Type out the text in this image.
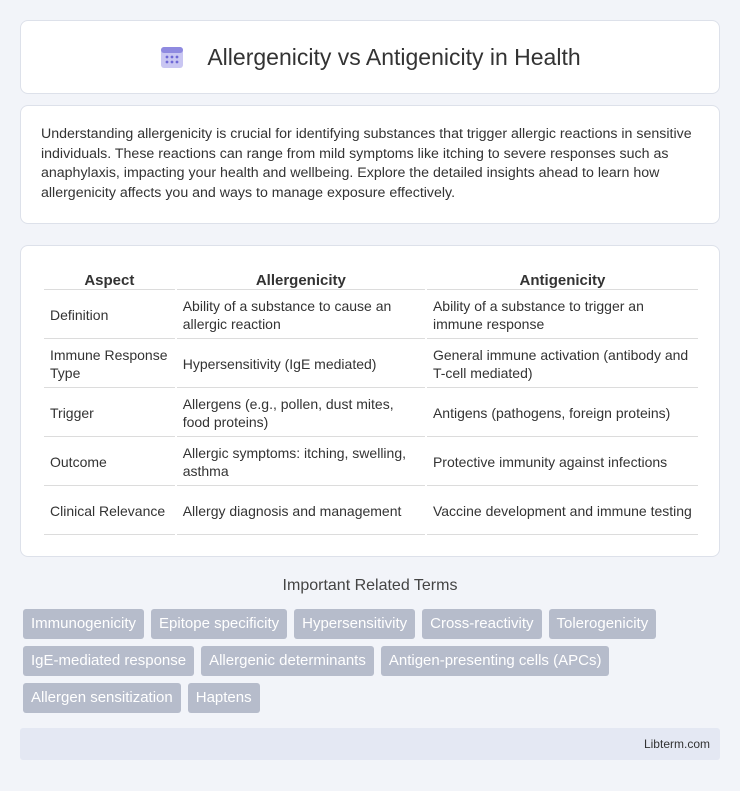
Allergenicity vs Antigenicity in Health

Understanding allergenicity is crucial for identifying substances that trigger allergic reactions in sensitive individuals. These reactions can range from mild symptoms like itching to severe responses such as anaphylaxis, impacting your health and wellbeing. Explore the detailed insights ahead to learn how allergenicity affects you and ways to manage exposure effectively.

Aspect	Allergenicity	Antigenicity
Definition	Ability of a substance to cause an allergic reaction	Ability of a substance to trigger an immune response
Immune Response Type	Hypersensitivity (IgE mediated)	General immune activation (antibody and T-cell mediated)
Trigger	Allergens (e.g., pollen, dust mites, food proteins)	Antigens (pathogens, foreign proteins)
Outcome	Allergic symptoms: itching, swelling, asthma	Protective immunity against infections
Clinical Relevance	Allergy diagnosis and management	Vaccine development and immune testing
Important Related Terms
Immunogenicity	Epitope specificity	Hypersensitivity	Cross-reactivity	Tolerogenicity
IgE-mediated response	Allergenic determinants	Antigen-presenting cells (APCs)
Allergen sensitization	Haptens
Libterm.com
